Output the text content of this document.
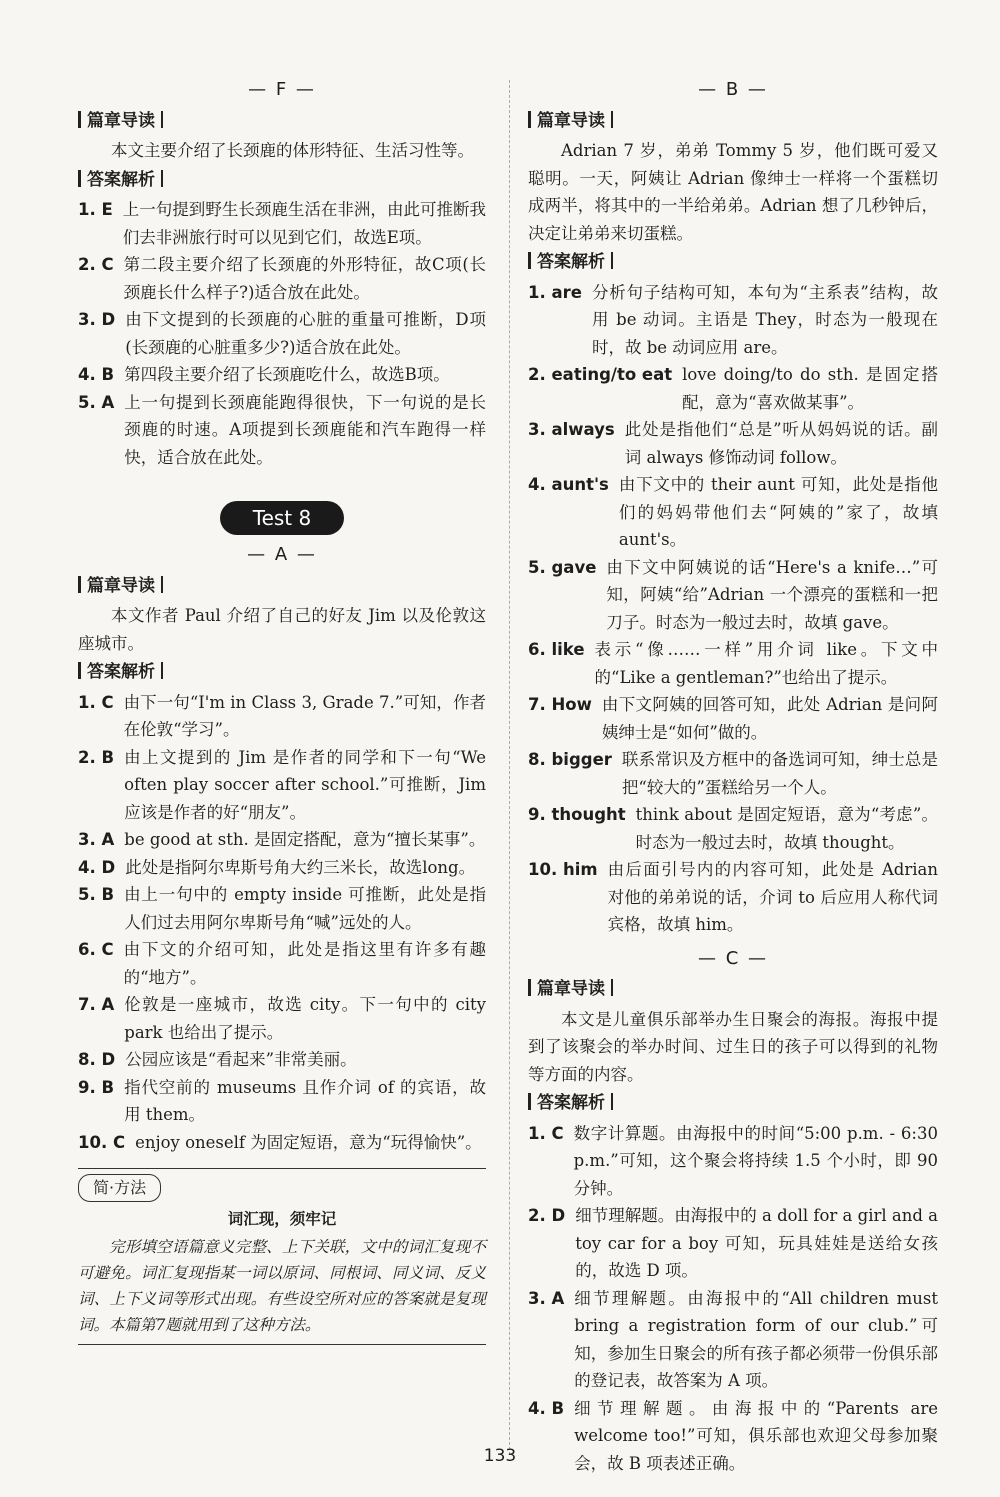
— F —
篇章导读

本文主要介绍了长颈鹿的体形特征、生活习性等。

答案解析
1. E 上一句提到野生长颈鹿生活在非洲，由此可推断我们去非洲旅行时可以见到它们，故选E项。
2. C 第二段主要介绍了长颈鹿的外形特征，故C项(长颈鹿长什么样子?)适合放在此处。
3. D 由下文提到的长颈鹿的心脏的重量可推断，D项(长颈鹿的心脏重多少?)适合放在此处。
4. B 第四段主要介绍了长颈鹿吃什么，故选B项。
5. A 上一句提到长颈鹿能跑得很快，下一句说的是长颈鹿的时速。A项提到长颈鹿能和汽车跑得一样快，适合放在此处。
Test 8
— A —
篇章导读

本文作者 Paul 介绍了自己的好友 Jim 以及伦敦这座城市。

答案解析
1. C 由下一句“I'm in Class 3, Grade 7.”可知，作者在伦敦“学习”。
2. B 由上文提到的 Jim 是作者的同学和下一句“We often play soccer after school.”可推断，Jim 应该是作者的好“朋友”。
3. A be good at sth. 是固定搭配，意为“擅长某事”。
4. D 此处是指阿尔卑斯号角大约三米长，故选long。
5. B 由上一句中的 empty inside 可推断，此处是指人们过去用阿尔卑斯号角“喊”远处的人。
6. C 由下文的介绍可知，此处是指这里有许多有趣的“地方”。
7. A 伦敦是一座城市，故选 city。下一句中的 city park 也给出了提示。
8. D 公园应该是“看起来”非常美丽。
9. B 指代空前的 museums 且作介词 of 的宾语，故用 them。
10. C enjoy oneself 为固定短语，意为“玩得愉快”。
简·方法
词汇现，须牢记
完形填空语篇意义完整、上下关联，文中的词汇复现不可避免。词汇复现指某一词以原词、同根词、同义词、反义词、上下义词等形式出现。有些设空所对应的答案就是复现词。本篇第7题就用到了这种方法。
— B —
篇章导读

Adrian 7 岁，弟弟 Tommy 5 岁，他们既可爱又聪明。一天，阿姨让 Adrian 像绅士一样将一个蛋糕切成两半，将其中的一半给弟弟。Adrian 想了几秒钟后，决定让弟弟来切蛋糕。

答案解析
1. are 分析句子结构可知，本句为“主系表”结构，故用 be 动词。主语是 They，时态为一般现在时，故 be 动词应用 are。
2. eating/to eat love doing/to do sth. 是固定搭配，意为“喜欢做某事”。
3. always 此处是指他们“总是”听从妈妈说的话。副词 always 修饰动词 follow。
4. aunt's 由下文中的 their aunt 可知，此处是指他们的妈妈带他们去“阿姨的”家了，故填 aunt's。
5. gave 由下文中阿姨说的话“Here's a knife…”可知，阿姨“给”Adrian 一个漂亮的蛋糕和一把刀子。时态为一般过去时，故填 gave。
6. like 表示“像……一样”用介词 like。下文中的“Like a gentleman?”也给出了提示。
7. How 由下文阿姨的回答可知，此处 Adrian 是问阿姨绅士是“如何”做的。
8. bigger 联系常识及方框中的备选词可知，绅士总是把“较大的”蛋糕给另一个人。
9. thought think about 是固定短语，意为“考虑”。时态为一般过去时，故填 thought。
10. him 由后面引号内的内容可知，此处是 Adrian 对他的弟弟说的话，介词 to 后应用人称代词宾格，故填 him。
— C —
篇章导读

本文是儿童俱乐部举办生日聚会的海报。海报中提到了该聚会的举办时间、过生日的孩子可以得到的礼物等方面的内容。

答案解析
1. C 数字计算题。由海报中的时间“5:00 p.m. - 6:30 p.m.”可知，这个聚会将持续 1.5 个小时，即 90 分钟。
2. D 细节理解题。由海报中的 a doll for a girl and a toy car for a boy 可知，玩具娃娃是送给女孩的，故选 D 项。
3. A 细节理解题。由海报中的“All children must bring a registration form of our club.”可知，参加生日聚会的所有孩子都必须带一份俱乐部的登记表，故答案为 A 项。
4. B 细节理解题。由海报中的“Parents are welcome too!”可知，俱乐部也欢迎父母参加聚会，故 B 项表述正确。
133
